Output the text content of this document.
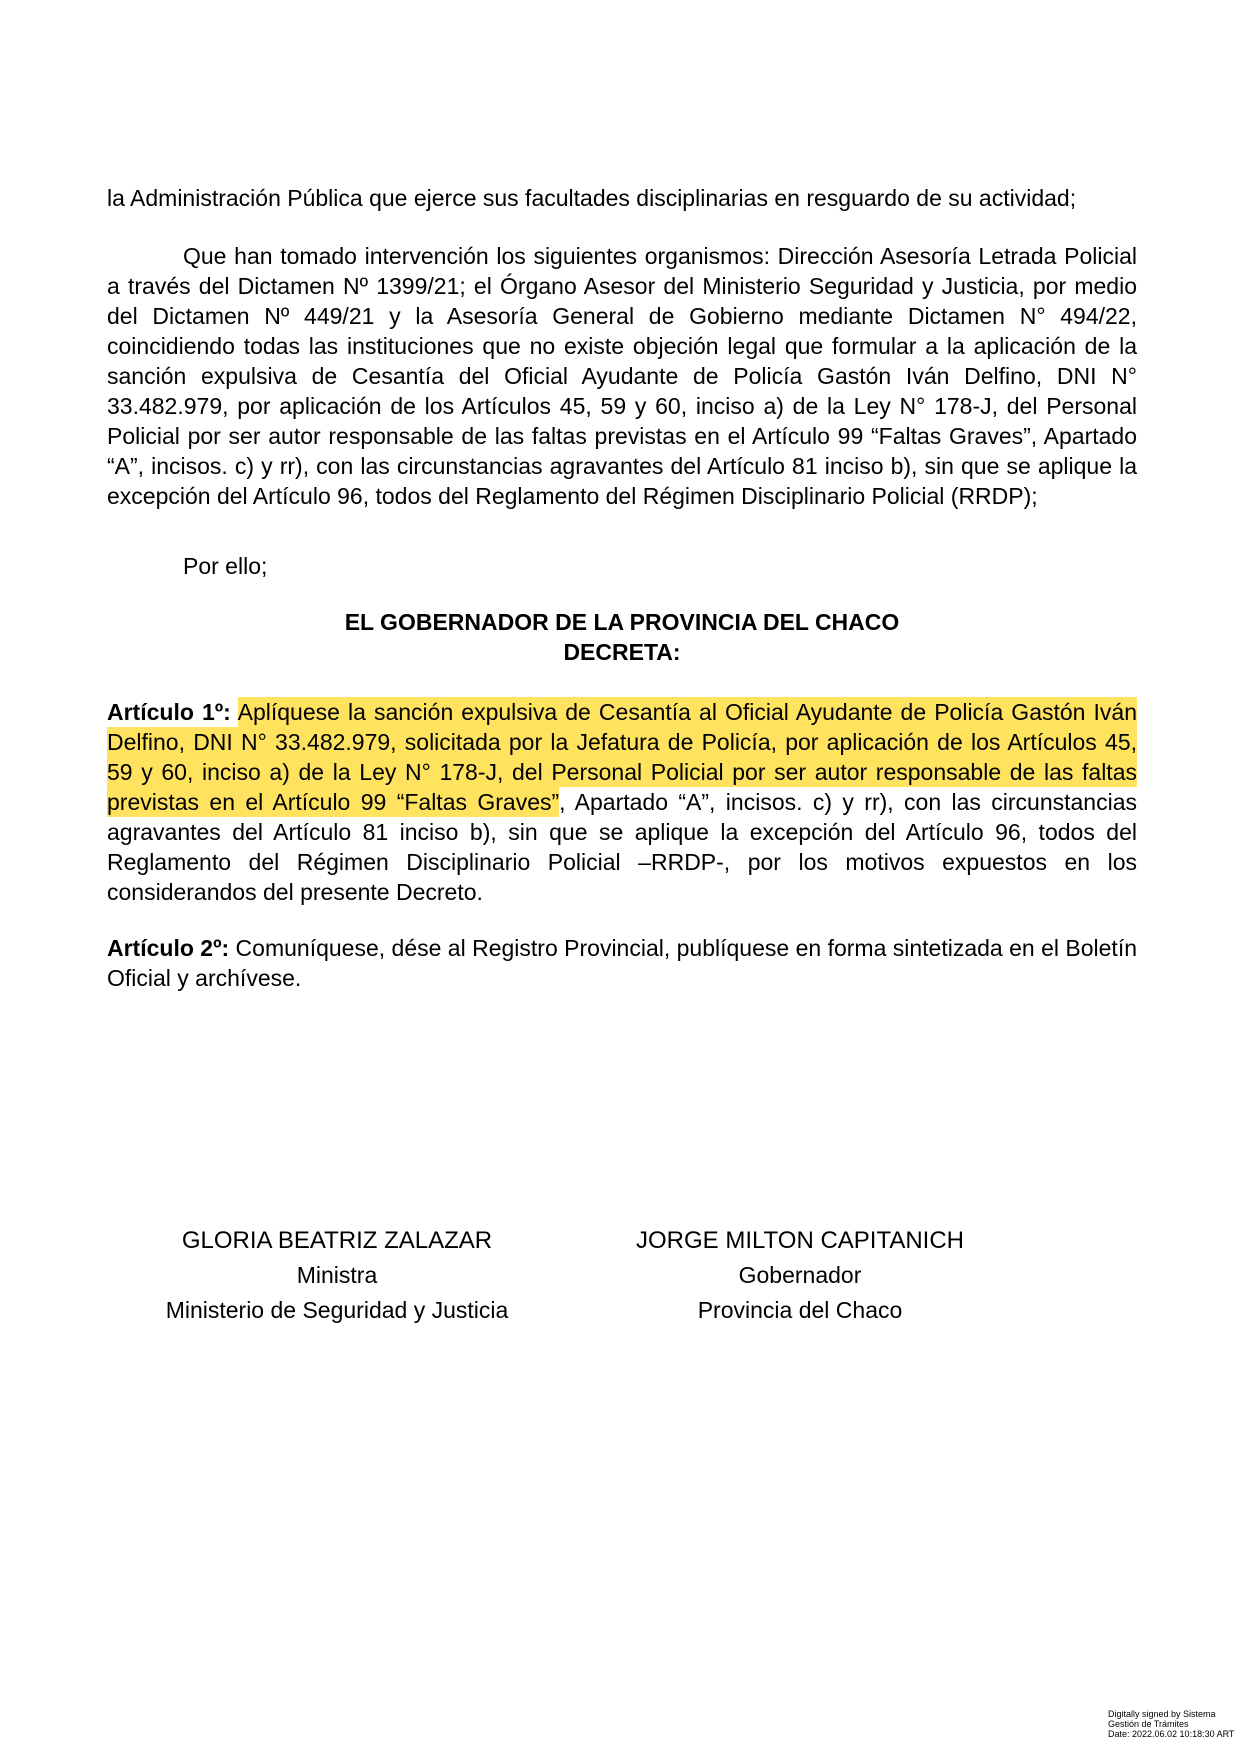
la Administración Pública que ejerce sus facultades disciplinarias en resguardo de su actividad;

Que han tomado intervención los siguientes organismos: Dirección Asesoría Letrada Policial a través del Dictamen Nº 1399/21; el Órgano Asesor del Ministerio Seguridad y Justicia, por medio del Dictamen Nº 449/21 y la Asesoría General de Gobierno mediante Dictamen N° 494/22, coincidiendo todas las instituciones que no existe objeción legal que formular a la aplicación de la sanción expulsiva de Cesantía del Oficial Ayudante de Policía Gastón Iván Delfino, DNI N° 33.482.979, por aplicación de los Artículos 45, 59 y 60, inciso a) de la Ley N° 178-J, del Personal Policial por ser autor responsable de las faltas previstas en el Artículo 99 “Faltas Graves”, Apartado “A”, incisos. c) y rr), con las circunstancias agravantes del Artículo 81 inciso b), sin que se aplique la excepción del Artículo 96, todos del Reglamento del Régimen Disciplinario Policial (RRDP);

Por ello;

EL GOBERNADOR DE LA PROVINCIA DEL CHACO
DECRETA:

Artículo 1º: Aplíquese la sanción expulsiva de Cesantía al Oficial Ayudante de Policía Gastón Iván Delfino, DNI N° 33.482.979, solicitada por la Jefatura de Policía, por aplicación de los Artículos 45, 59 y 60, inciso a) de la Ley N° 178-J, del Personal Policial por ser autor responsable de las faltas previstas en el Artículo 99 “Faltas Graves”, Apartado “A”, incisos. c) y rr), con las circunstancias agravantes del Artículo 81 inciso b), sin que se aplique la excepción del Artículo 96, todos del Reglamento del Régimen Disciplinario Policial –RRDP-, por los motivos expuestos en los considerandos del presente Decreto.

Artículo 2º: Comuníquese, dése al Registro Provincial, publíquese en forma sintetizada en el Boletín Oficial y archívese.

GLORIA BEATRIZ ZALAZAR
Ministra
Ministerio de Seguridad y Justicia
JORGE MILTON CAPITANICH
Gobernador
Provincia del Chaco
Digitally signed by Sistema
Gestión de Trámites
Date: 2022.06.02 10:18:30 ART
